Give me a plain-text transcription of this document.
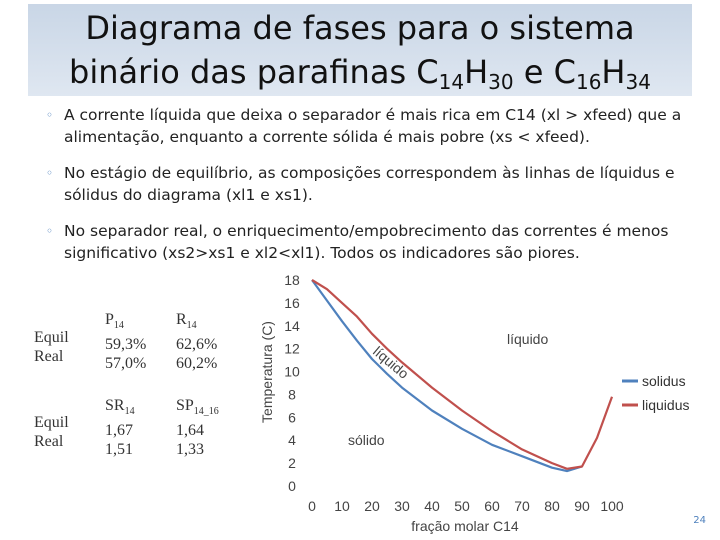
Diagrama de fases para o sistema
binário das parafinas $C_{14}H_{30}$ e $C_{16}H_{34}$
◦ A corrente líquida que deixa o separador é mais rica em C14 (xl > xfeed) que a alimentação, enquanto a corrente sólida é mais pobre (xs < xfeed).
◦ No estágio de equilíbrio, as composições correspondem às linhas de líquidus e sólidus do diagrama (xl1 e xs1).
◦ No separador real, o enriquecimento/empobrecimento das correntes é menos significativo (xs2>xs1 e xl2<xl1). Todos os indicadores são piores.
Equil
Real
$P_{14}$
59,3%
57,0%
$R_{14}$
62,6%
60,2%
Equil
Real
$SR_{14}$
1,67
1,51
$SP_{14\_16}$
1,64
1,33
0
2
4
6
8
10
12
14
16
18
0 10 20 30 40 50 60 70 80 90 100
Temperatura (C)
fração molar C14
líquido
sólido
líquido	solidus
liquidus
24
